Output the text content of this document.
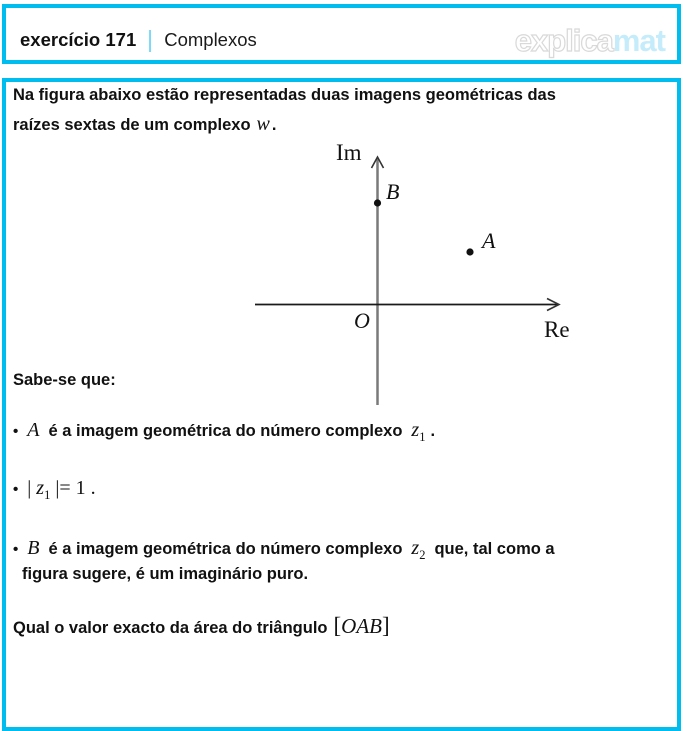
exercício 171 | Complexos	explicamat
Na figura abaixo estão representadas duas imagens geométricas das
raízes sextas de um complexo w .
Im
Re
O
B
A
Sabe-se que:
• A é a imagem geométrica do número complexo $z_1$ .
• | $z_1$ |= 1 .
• B é a imagem geométrica do número complexo $z_2$ que, tal como a
figura sugere, é um imaginário puro.
Qual o valor exacto da área do triângulo [OAB]
